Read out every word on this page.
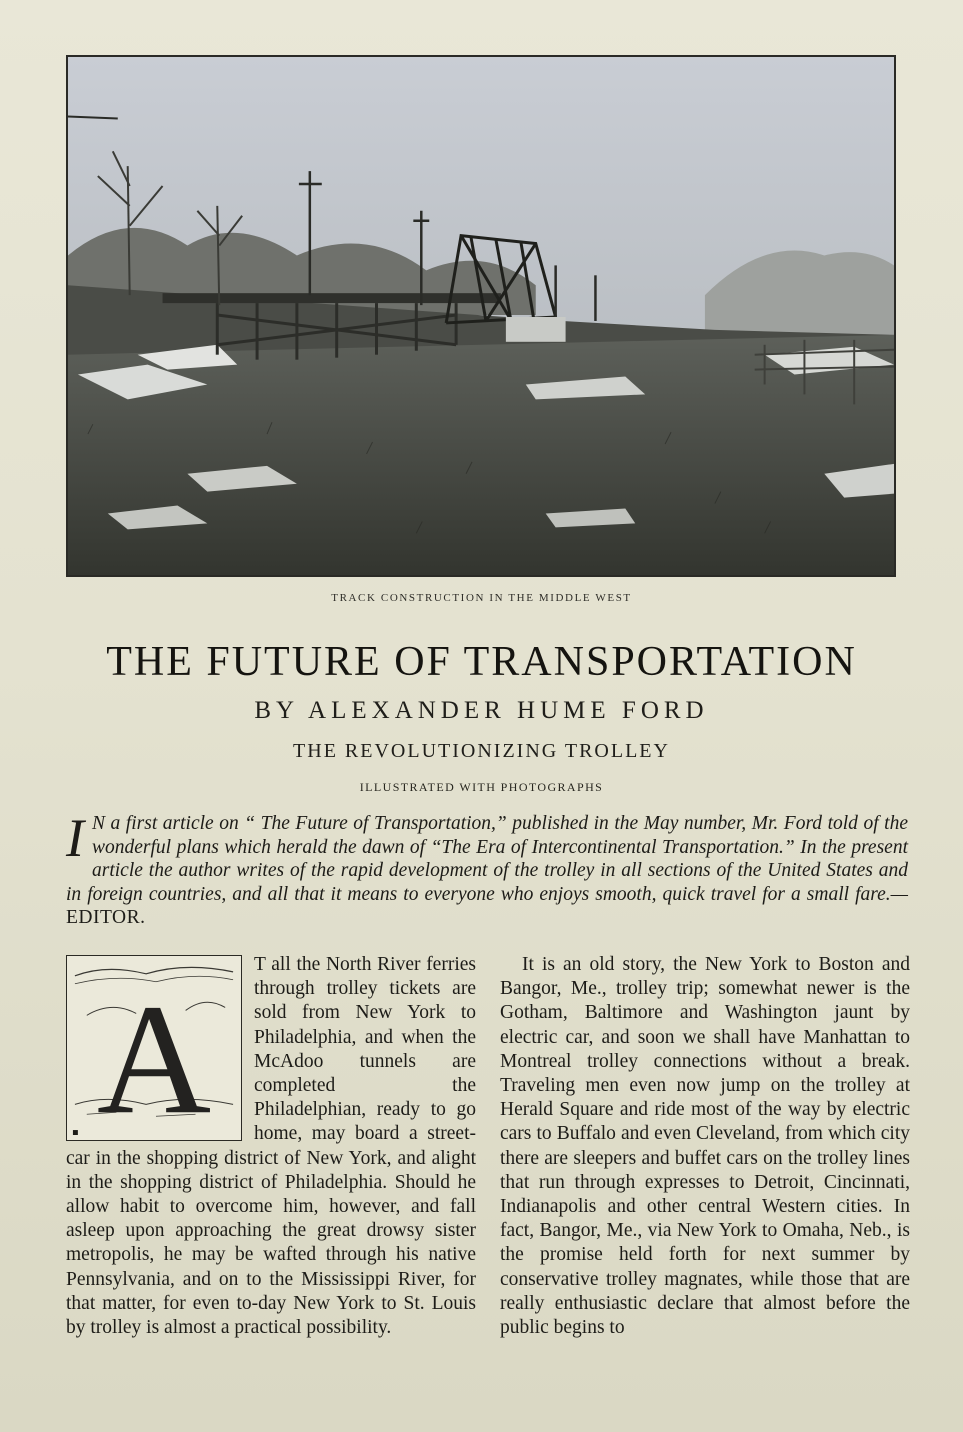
TRACK CONSTRUCTION IN THE MIDDLE WEST
THE FUTURE OF TRANSPORTATION
BY ALEXANDER HUME FORD
THE REVOLUTIONIZING TROLLEY
ILLUSTRATED WITH PHOTOGRAPHS
I N a first article on “ The Future of Transportation,” published in the May number, Mr. Ford told of the wonderful plans which herald the dawn of “The Era of Intercontinental Transportation.” In the present article the author writes of the rapid development of the trolley in all sections of the United States and in foreign countries, and all that it means to everyone who enjoys smooth, quick travel for a small fare.—EDITOR.
A

T all the North River ferries through trolley tickets are sold from New York to Philadelphia, and when the McAdoo tunnels are completed the Philadelphian, ready to go home, may board a street-car in the shopping district of New York, and alight in the shopping district of Philadelphia. Should he allow habit to overcome him, however, and fall asleep upon approaching the great drowsy sister metropolis, he may be wafted through his native Pennsylvania, and on to the Mississippi River, for that matter, for even to-day New York to St. Louis by trolley is almost a practical possibility.

It is an old story, the New York to Boston and Bangor, Me., trolley trip; somewhat newer is the Gotham, Baltimore and Washington jaunt by electric car, and soon we shall have Manhattan to Montreal trolley connections without a break. Traveling men even now jump on the trolley at Herald Square and ride most of the way by electric cars to Buffalo and even Cleveland, from which city there are sleepers and buffet cars on the trolley lines that run through expresses to Detroit, Cincinnati, Indianapolis and other central Western cities. In fact, Bangor, Me., via New York to Omaha, Neb., is the promise held forth for next summer by conservative trolley magnates, while those that are really enthusiastic declare that almost before the public begins to
